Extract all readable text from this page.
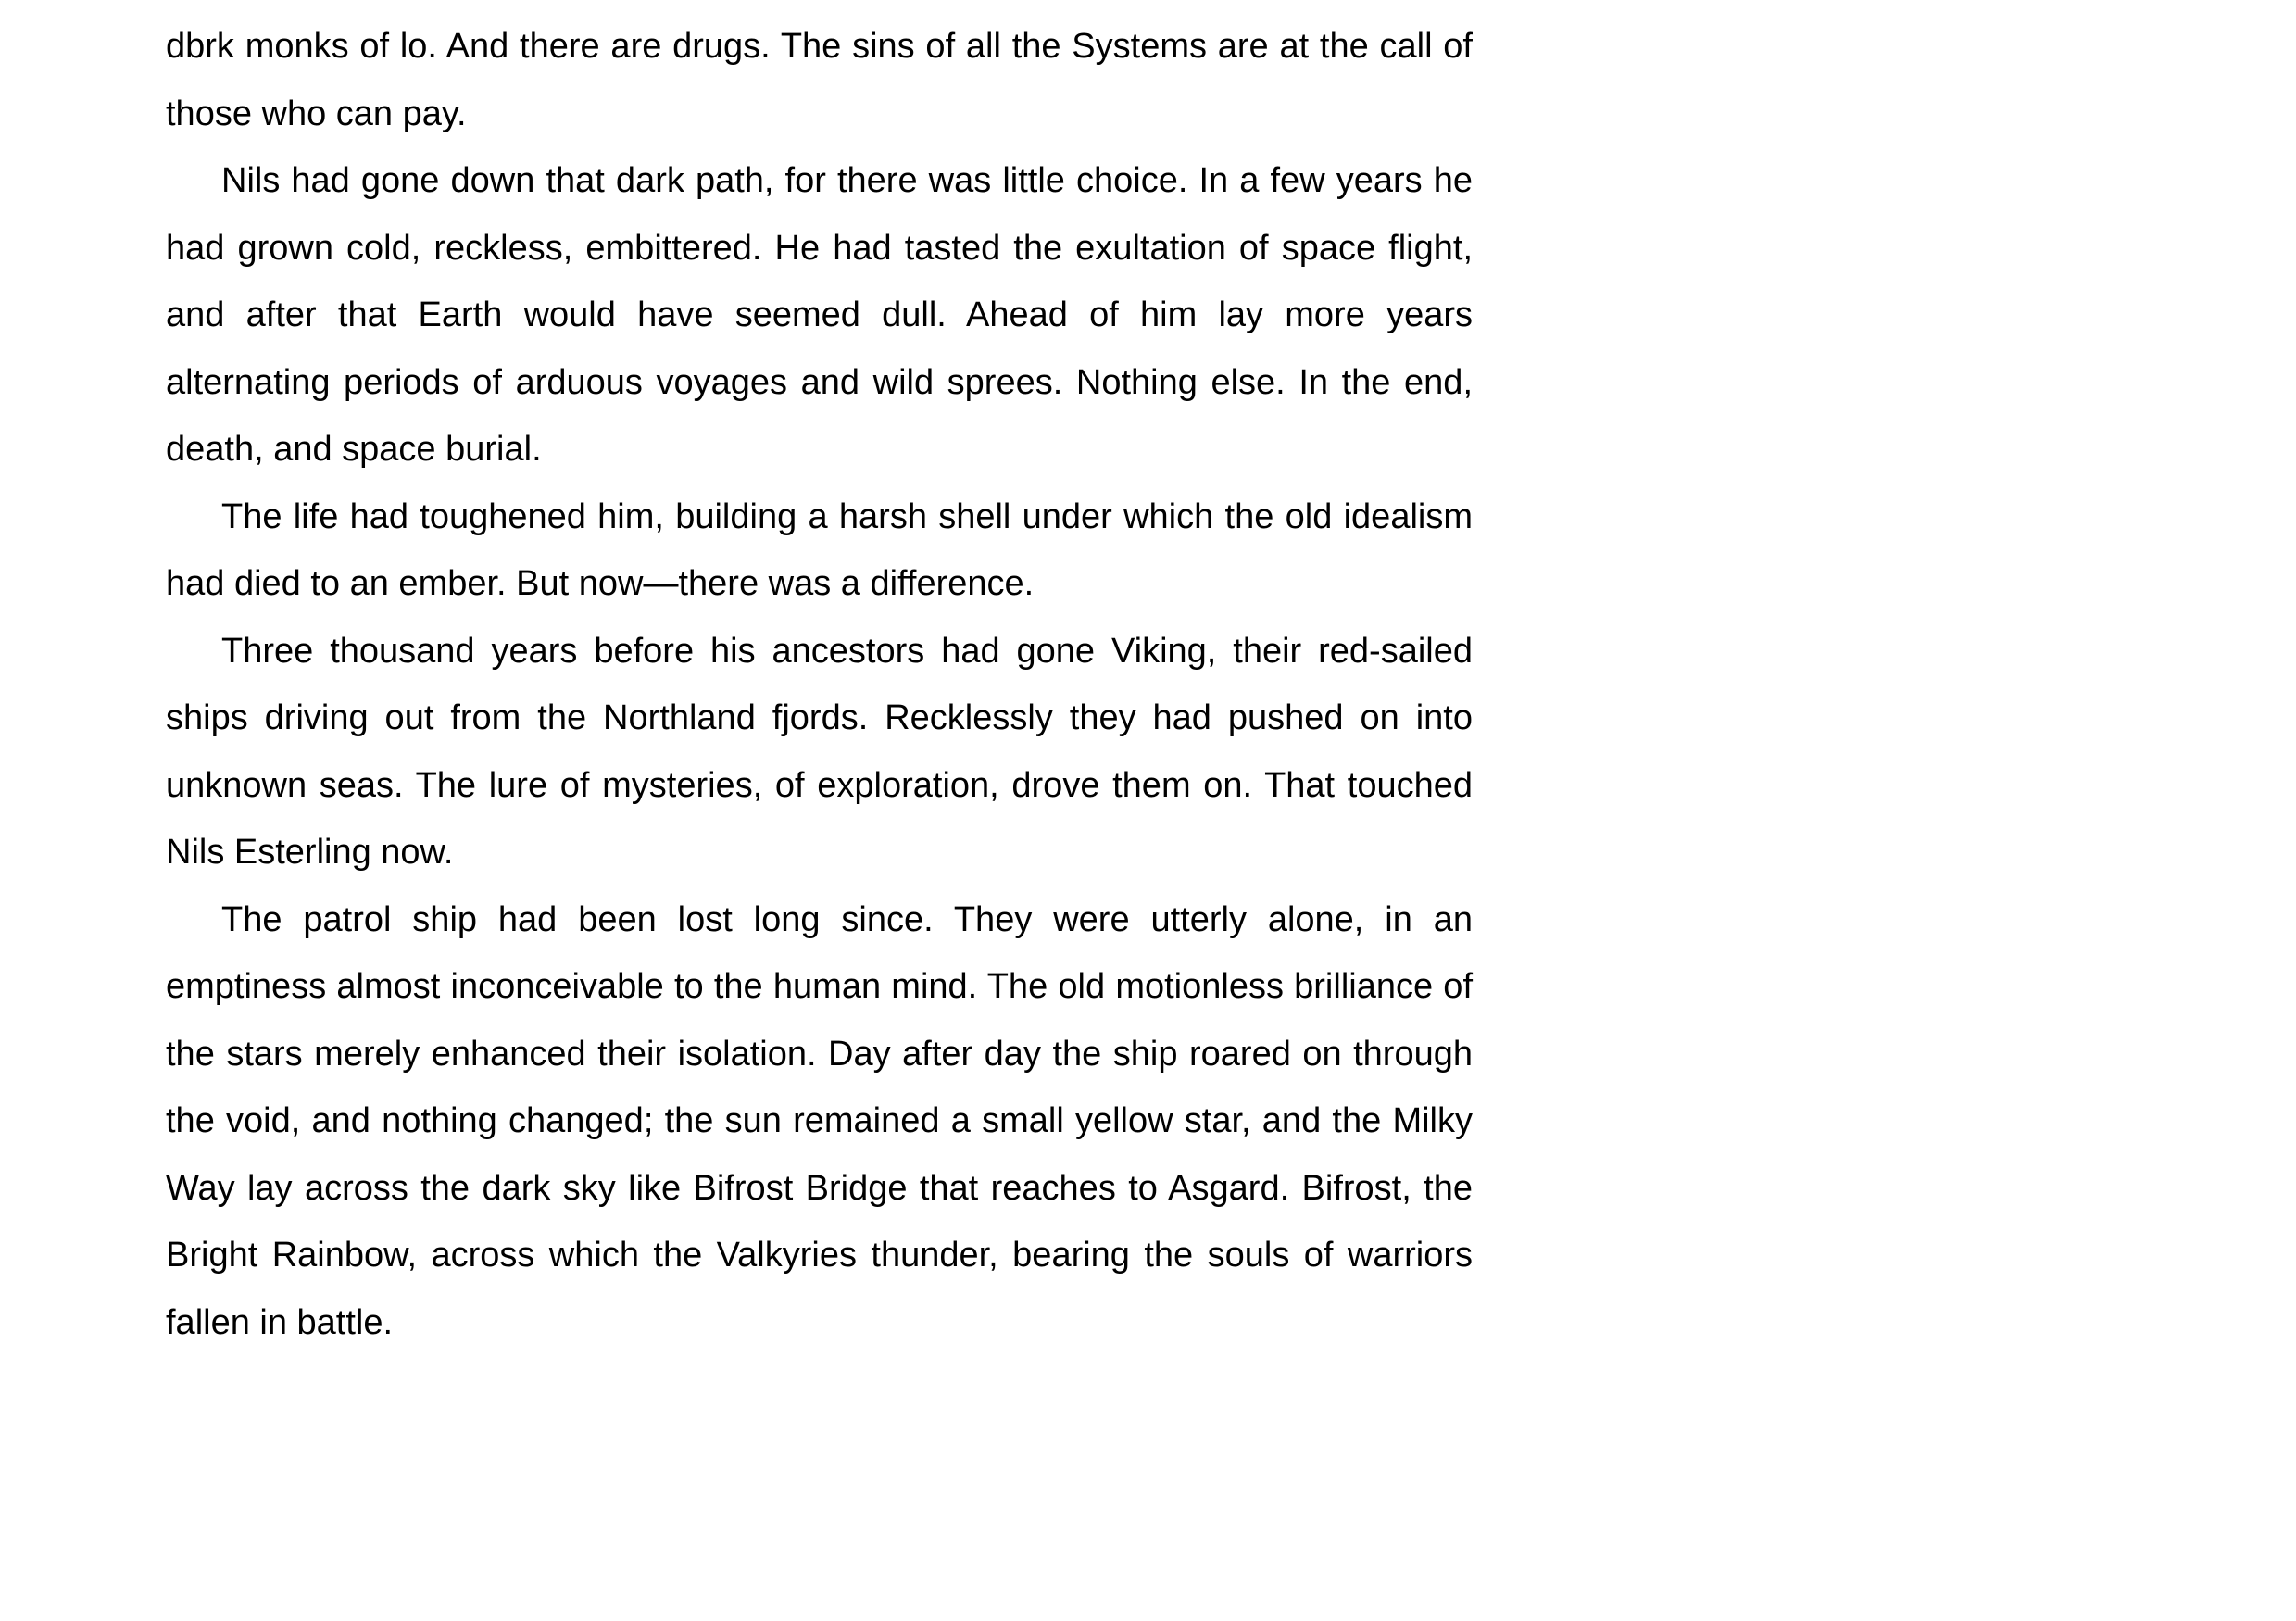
dbrk monks of lo. And there are drugs. The sins of all the Systems are at the call of those who can pay.

Nils had gone down that dark path, for there was little choice. In a few years he had grown cold, reckless, embittered. He had tasted the exultation of space flight, and after that Earth would have seemed dull. Ahead of him lay more years alternating periods of arduous voyages and wild sprees. Nothing else. In the end, death, and space burial.

The life had toughened him, building a harsh shell under which the old idealism had died to an ember. But now—there was a difference.

Three thousand years before his ancestors had gone Viking, their red-sailed ships driving out from the Northland fjords. Recklessly they had pushed on into unknown seas. The lure of mysteries, of exploration, drove them on. That touched Nils Esterling now.

The patrol ship had been lost long since. They were utterly alone, in an emptiness almost inconceivable to the human mind. The old motionless brilliance of the stars merely enhanced their isolation. Day after day the ship roared on through the void, and nothing changed; the sun remained a small yellow star, and the Milky Way lay across the dark sky like Bifrost Bridge that reaches to Asgard. Bifrost, the Bright Rainbow, across which the Valkyries thunder, bearing the souls of warriors fallen in battle.
